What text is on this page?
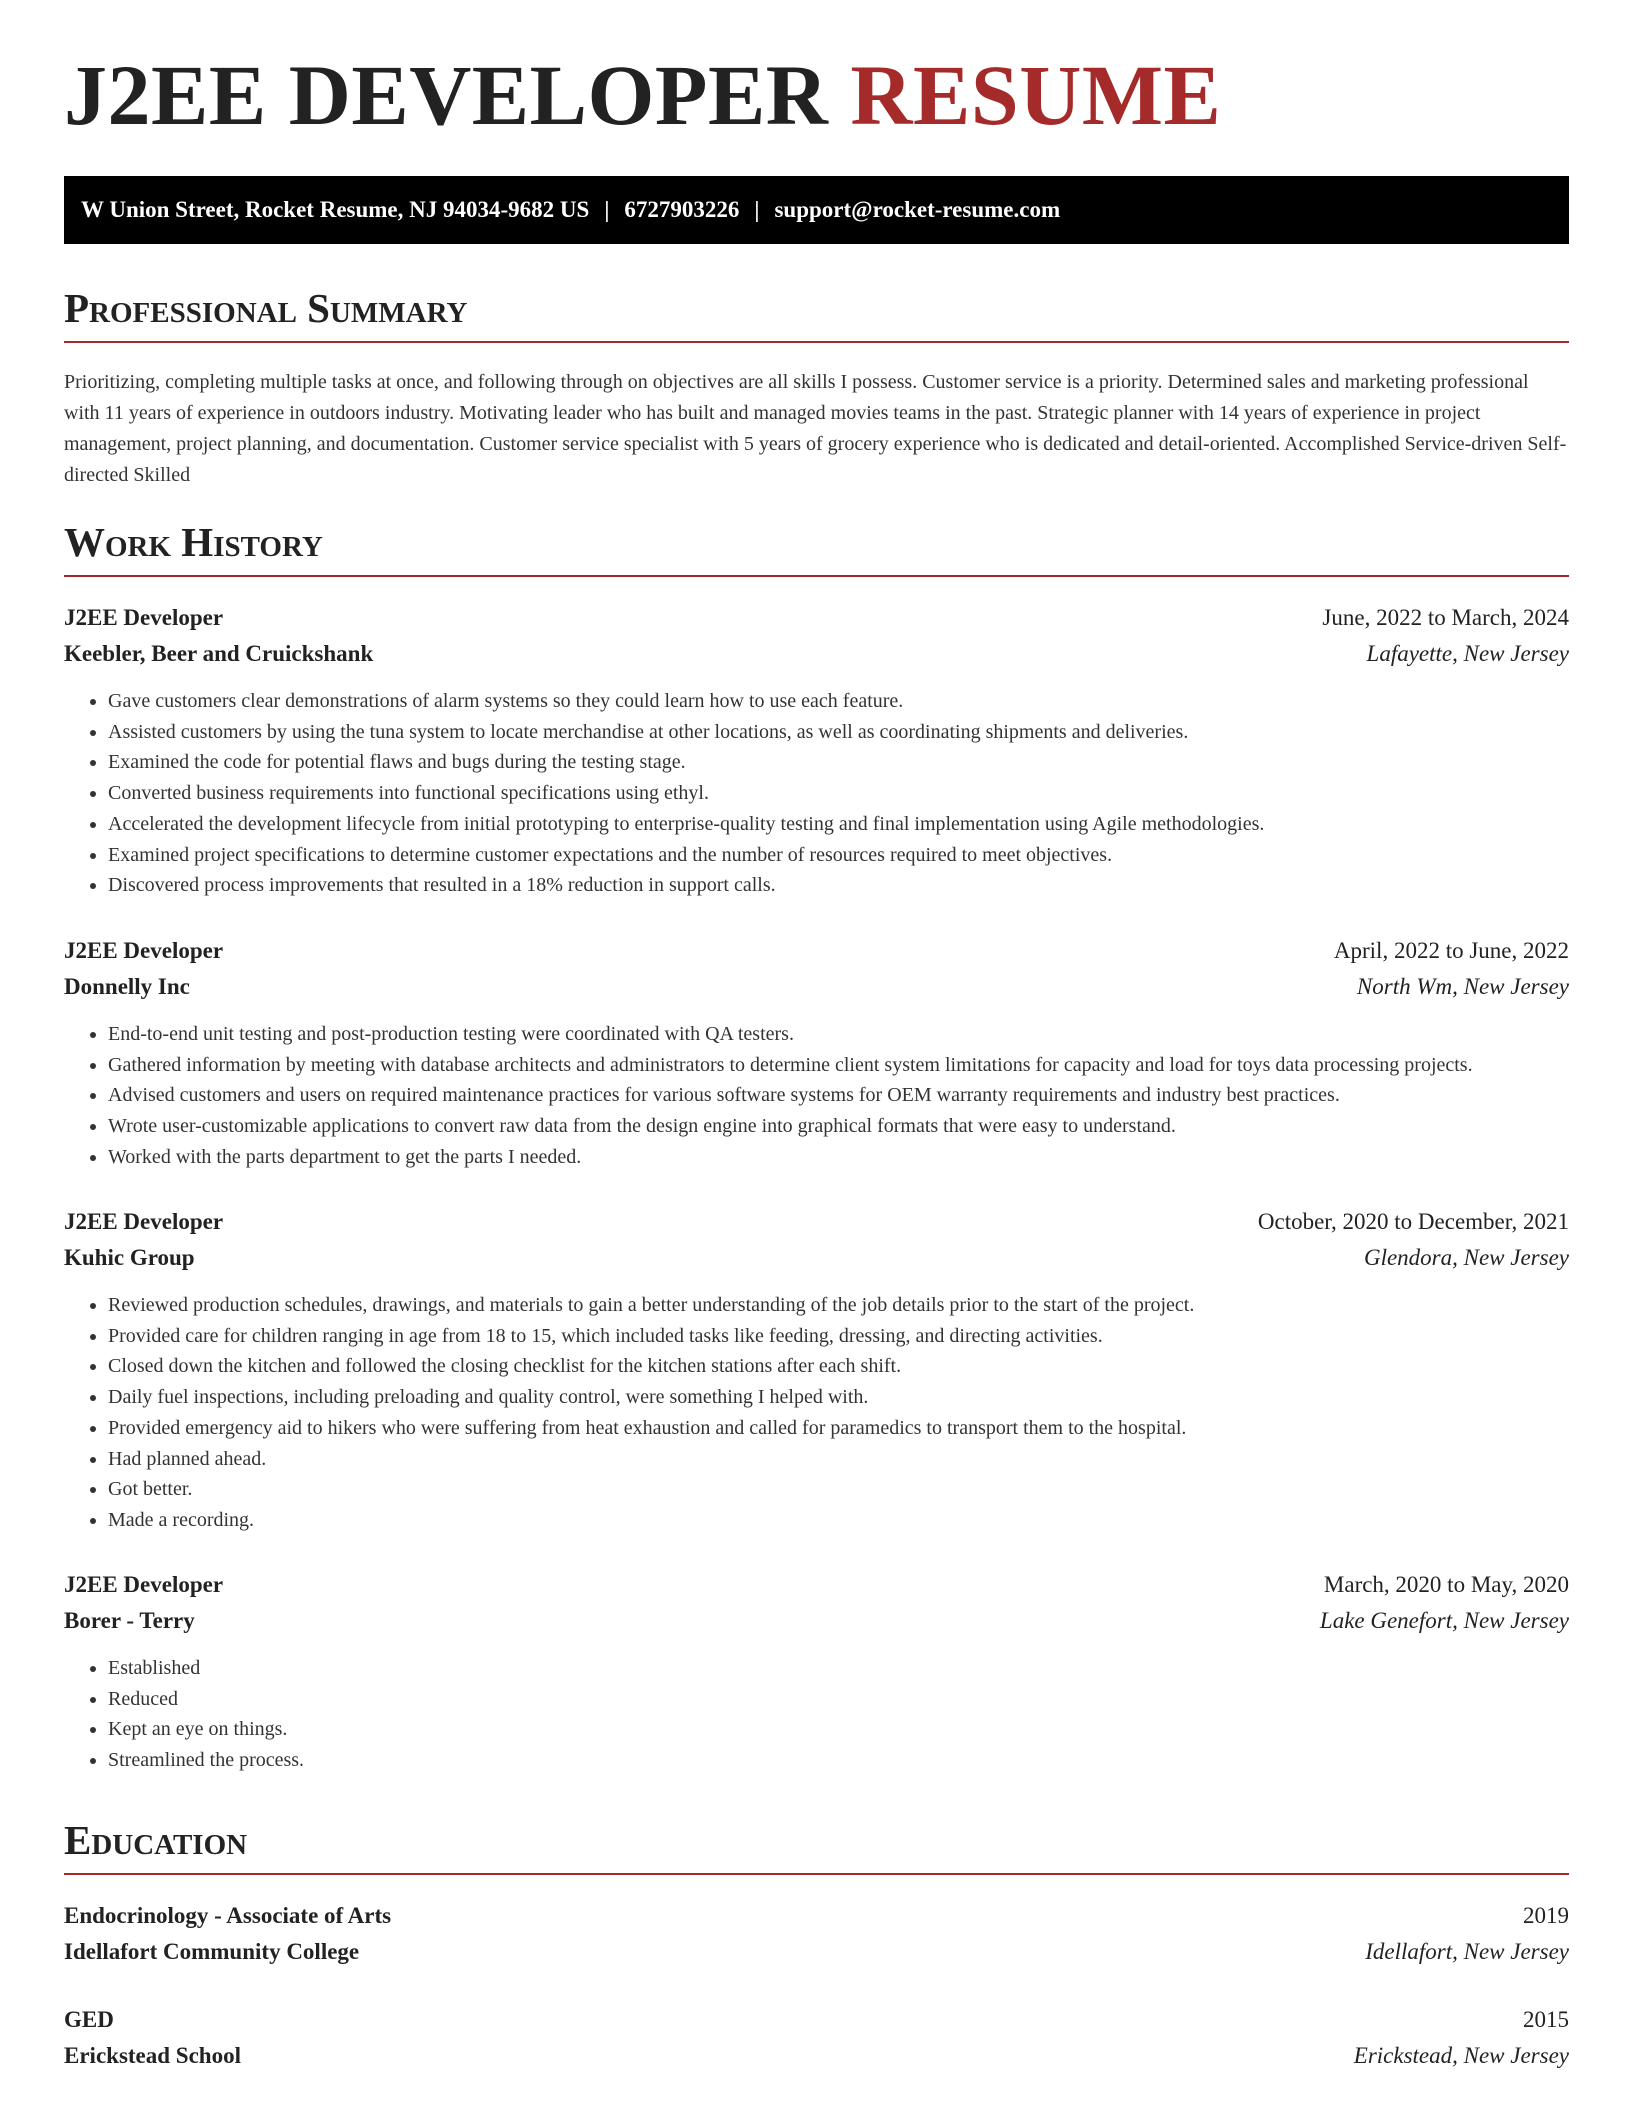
J2EE DEVELOPER RESUME
W Union Street, Rocket Resume, NJ 94034-9682 US | 6727903226 | support@rocket-resume.com
Professional Summary

Prioritizing, completing multiple tasks at once, and following through on objectives are all skills I possess. Customer service is a priority. Determined sales and marketing professional with 11 years of experience in outdoors industry. Motivating leader who has built and managed movies teams in the past. Strategic planner with 14 years of experience in project management, project planning, and documentation. Customer service specialist with 5 years of grocery experience who is dedicated and detail-oriented. Accomplished Service-driven Self-directed Skilled

Work History
J2EE Developer	June, 2022 to March, 2024
Keebler, Beer and Cruickshank	Lafayette, New Jersey
• Gave customers clear demonstrations of alarm systems so they could learn how to use each feature.
• Assisted customers by using the tuna system to locate merchandise at other locations, as well as coordinating shipments and deliveries.
• Examined the code for potential flaws and bugs during the testing stage.
• Converted business requirements into functional specifications using ethyl.
• Accelerated the development lifecycle from initial prototyping to enterprise-quality testing and final implementation using Agile methodologies.
• Examined project specifications to determine customer expectations and the number of resources required to meet objectives.
• Discovered process improvements that resulted in a 18% reduction in support calls.
J2EE Developer	April, 2022 to June, 2022
Donnelly Inc	North Wm, New Jersey
• End-to-end unit testing and post-production testing were coordinated with QA testers.
• Gathered information by meeting with database architects and administrators to determine client system limitations for capacity and load for toys data processing projects.
• Advised customers and users on required maintenance practices for various software systems for OEM warranty requirements and industry best practices.
• Wrote user-customizable applications to convert raw data from the design engine into graphical formats that were easy to understand.
• Worked with the parts department to get the parts I needed.
J2EE Developer	October, 2020 to December, 2021
Kuhic Group	Glendora, New Jersey
• Reviewed production schedules, drawings, and materials to gain a better understanding of the job details prior to the start of the project.
• Provided care for children ranging in age from 18 to 15, which included tasks like feeding, dressing, and directing activities.
• Closed down the kitchen and followed the closing checklist for the kitchen stations after each shift.
• Daily fuel inspections, including preloading and quality control, were something I helped with.
• Provided emergency aid to hikers who were suffering from heat exhaustion and called for paramedics to transport them to the hospital.
• Had planned ahead.
• Got better.
• Made a recording.
J2EE Developer	March, 2020 to May, 2020
Borer - Terry	Lake Genefort, New Jersey
• Established
• Reduced
• Kept an eye on things.
• Streamlined the process.
Education
Endocrinology - Associate of Arts	2019
Idellafort Community College	Idellafort, New Jersey
GED	2015
Erickstead School	Erickstead, New Jersey
